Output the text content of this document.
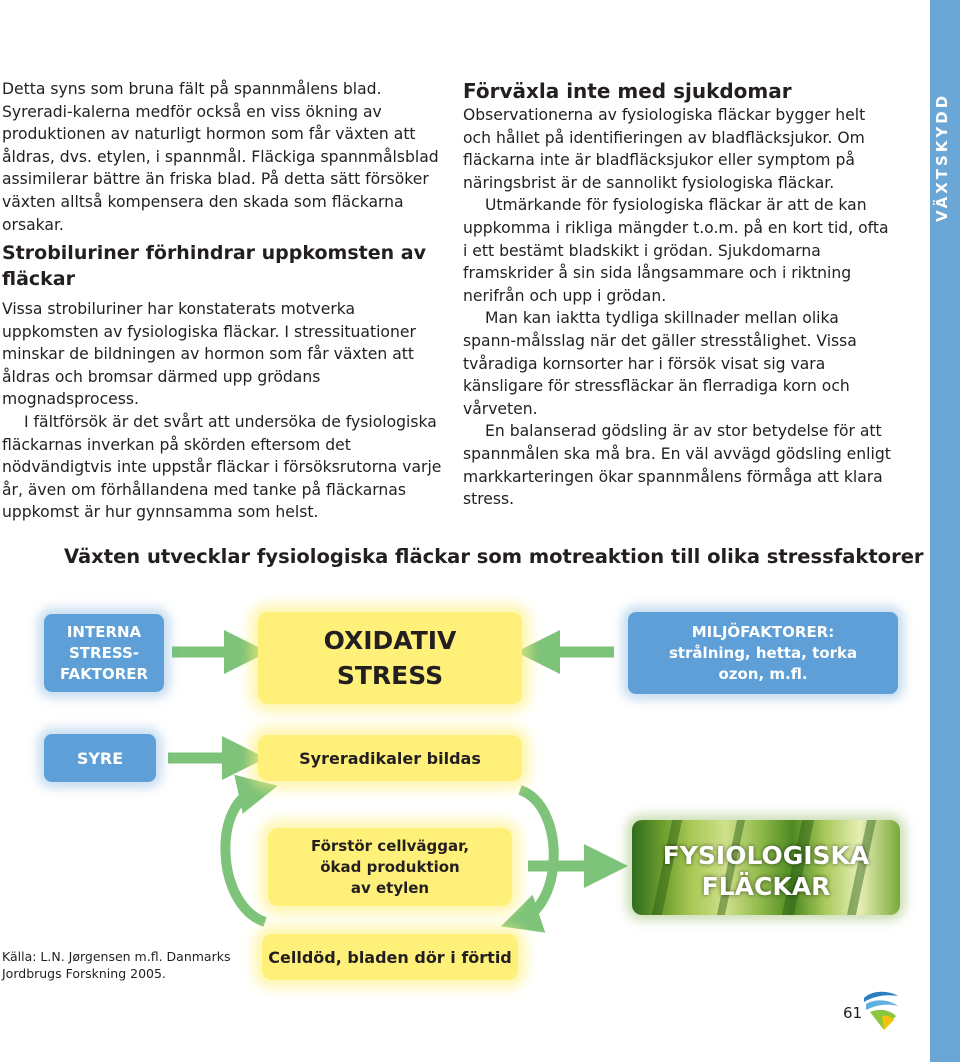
VÄXTSKYDD

Detta syns som bruna fält på spannmålens blad. Syreradi-kalerna medför också en viss ökning av produktionen av naturligt hormon som får växten att åldras, dvs. etylen, i spannmål. Fläckiga spannmålsblad assimilerar bättre än friska blad. På detta sätt försöker växten alltså kompensera den skada som fläckarna orsakar.

Strobiluriner förhindrar uppkomsten av fläckar

Vissa strobiluriner har konstaterats motverka uppkomsten av fysiologiska fläckar. I stressituationer minskar de bildningen av hormon som får växten att åldras och bromsar därmed upp grödans mognadsprocess.

I fältförsök är det svårt att undersöka de fysiologiska fläckarnas inverkan på skörden eftersom det nödvändigtvis inte uppstår fläckar i försöksrutorna varje år, även om förhållandena med tanke på fläckarnas uppkomst är hur gynnsamma som helst.

Förväxla inte med sjukdomar

Observationerna av fysiologiska fläckar bygger helt och hållet på identifieringen av bladfläcksjukor. Om fläckarna inte är bladfläcksjukor eller symptom på näringsbrist är de sannolikt fysiologiska fläckar.

Utmärkande för fysiologiska fläckar är att de kan uppkomma i rikliga mängder t.o.m. på en kort tid, ofta i ett bestämt bladskikt i grödan. Sjukdomarna framskrider å sin sida långsammare och i riktning nerifrån och upp i grödan.

Man kan iaktta tydliga skillnader mellan olika spann-målsslag när det gäller stresstålighet. Vissa tvåradiga kornsorter har i försök visat sig vara känsligare för stressfläckar än flerradiga korn och vårveten.

En balanserad gödsling är av stor betydelse för att spannmålen ska må bra. En väl avvägd gödsling enligt markkarteringen ökar spannmålens förmåga att klara stress.

Växten utvecklar fysiologiska fläckar som motreaktion till olika stressfaktorer
INTERNA
STRESS-
FAKTORER
OXIDATIV
STRESS
MILJÖFAKTORER:
strålning, hetta, torka
ozon, m.fl.
SYRE	Syreradikaler bildas
Förstör cellväggar,
ökad produktion
av etylen
FYSIOLOGISKA
FLÄCKAR
Celldöd, bladen dör i förtid
Källa: L.N. Jørgensen m.fl. Danmarks
Jordbrugs Forskning 2005.
61
